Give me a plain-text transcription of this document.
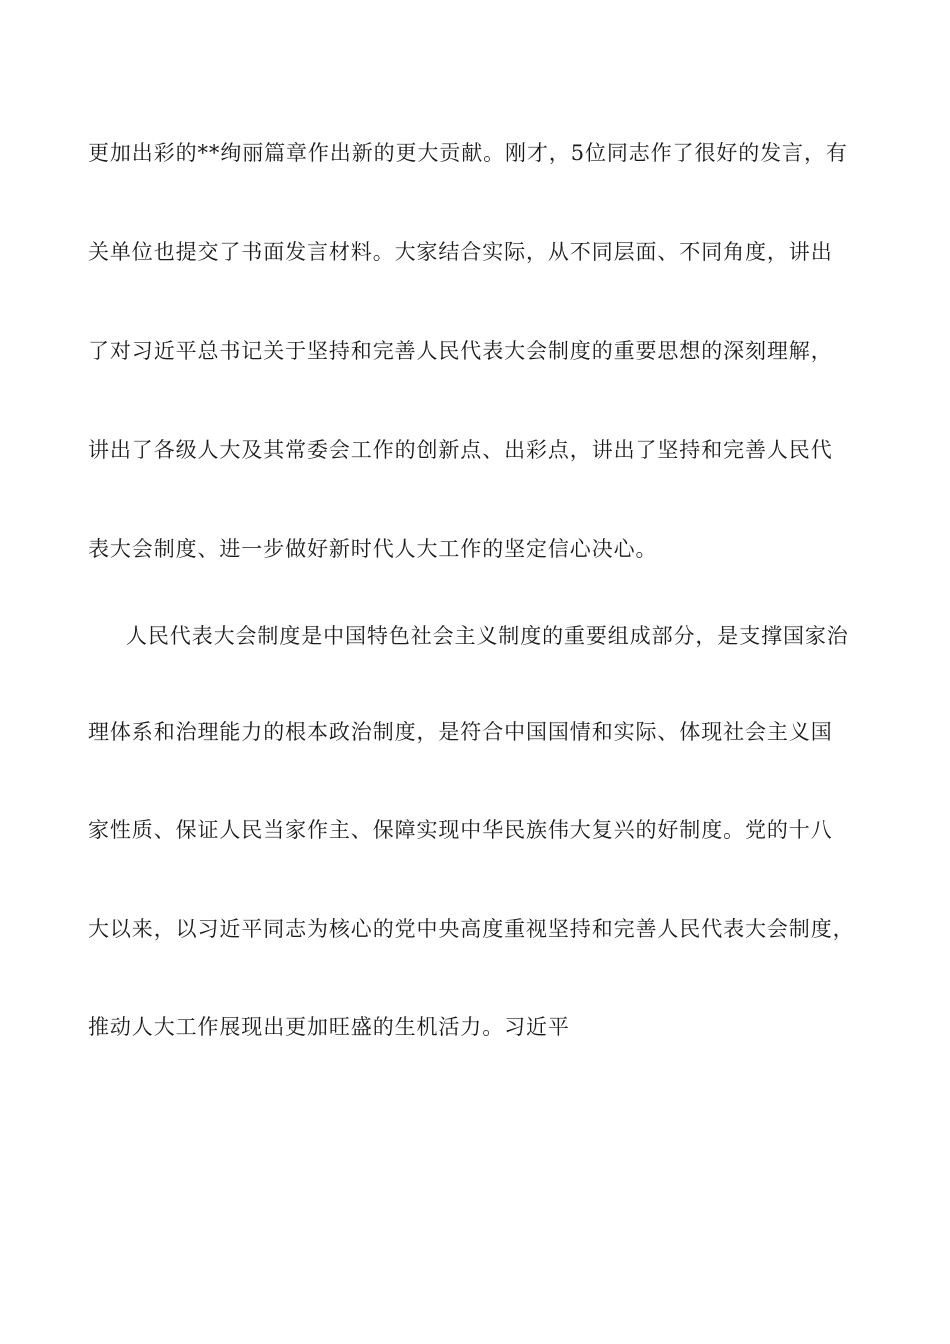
更加出彩的**绚丽篇章作出新的更大贡献。刚才，5位同志作了很好的发言，有
关单位也提交了书面发言材料。大家结合实际，从不同层面、不同角度，讲出
了对习近平总书记关于坚持和完善人民代表大会制度的重要思想的深刻理解，
讲出了各级人大及其常委会工作的创新点、出彩点，讲出了坚持和完善人民代
表大会制度、进一步做好新时代人大工作的坚定信心决心。
人民代表大会制度是中国特色社会主义制度的重要组成部分，是支撑国家治
理体系和治理能力的根本政治制度，是符合中国国情和实际、体现社会主义国
家性质、保证人民当家作主、保障实现中华民族伟大复兴的好制度。党的十八
大以来，以习近平同志为核心的党中央高度重视坚持和完善人民代表大会制度，
推动人大工作展现出更加旺盛的生机活力。习近平
